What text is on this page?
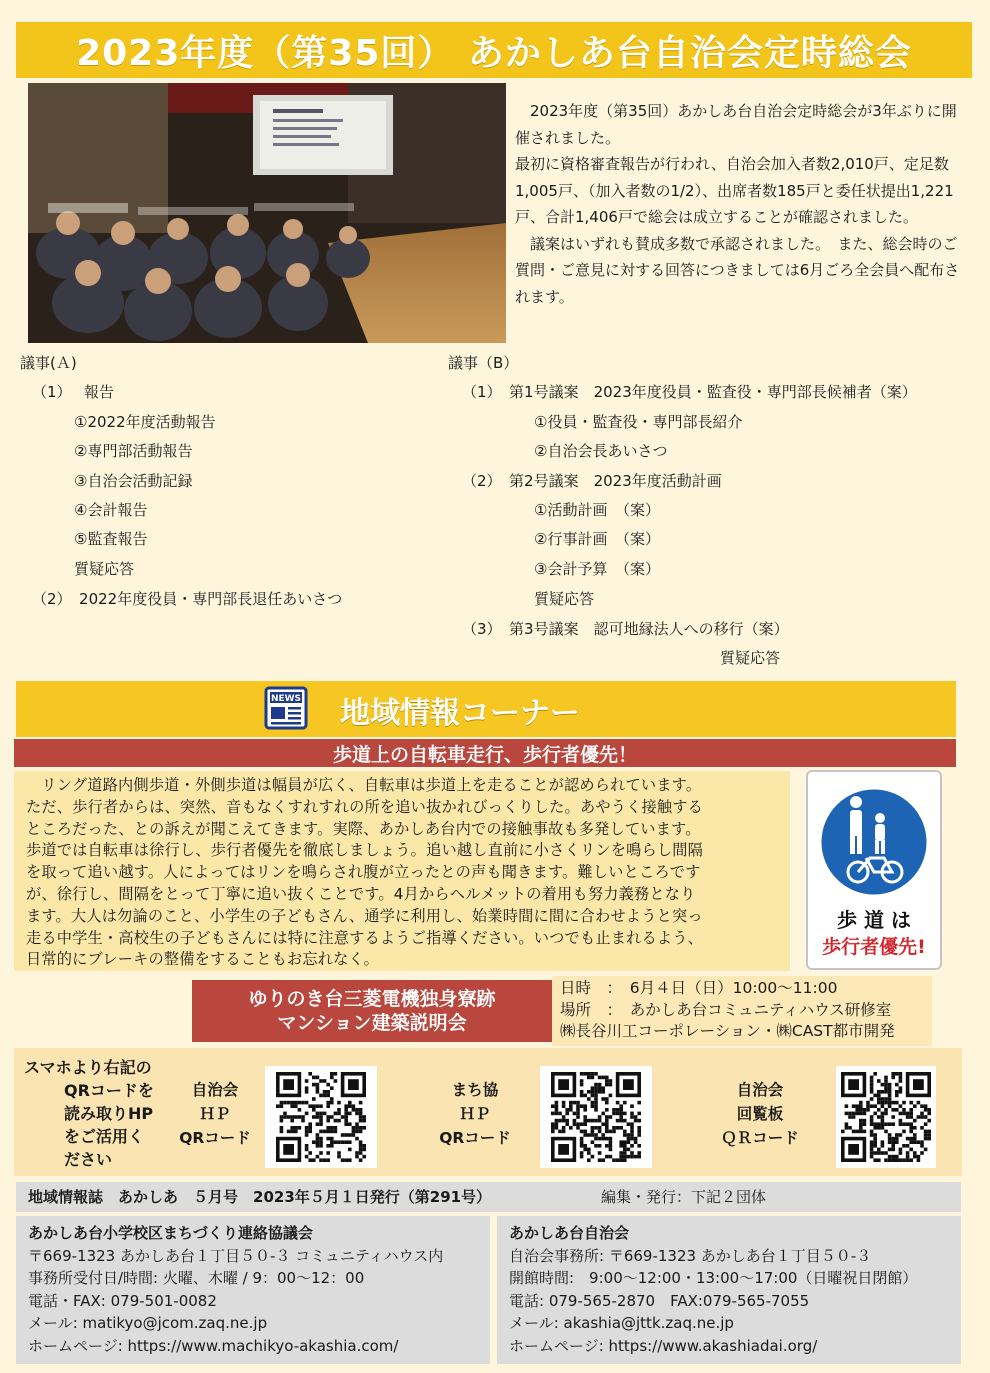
2023年度（第35回） あかしあ台自治会定時総会

2023年度（第35回）あかしあ台自治会定時総会が3年ぶりに開催されました。

最初に資格審査報告が行われ、自治会加入者数2,010戸、定足数1,005戸、（加入者数の1/2）、出席者数185戸と委任状提出1,221戸、合計1,406戸で総会は成立することが確認されました。

議案はいずれも賛成多数で承認されました。　また、総会時のご質問・ご意見に対する回答につきましては6月ごろ全会員へ配布されます。

議事(Ａ)
（1） 報告
①2022年度活動報告
②専門部活動報告
③自治会活動記録
④会計報告
⑤監査報告
質疑応答
（2）　2022年度役員・専門部長退任あいさつ
議事（B）
（1）　第1号議案　2023年度役員・監査役・専門部長候補者（案）
①役員・監査役・専門部長紹介
②自治会長あいさつ
（2）　第2号議案　2023年度活動計画
①活動計画　（案）
②行事計画　（案）
③会計予算　（案）
質疑応答
（3）　第3号議案　認可地縁法人への移行（案）
質疑応答
NEWS 地域情報コーナー
歩道上の自転車走行、歩行者優先！

　リング道路内側歩道・外側歩道は幅員が広く、自転車は歩道上を走ることが認められています。

ただ、歩行者からは、突然、音もなくすれすれの所を追い抜かれびっくりした。あやうく接触する

ところだった、との訴えが聞こえてきます。実際、あかしあ台内での接触事故も多発しています。

歩道では自転車は徐行し、歩行者優先を徹底しましょう。追い越し直前に小さくリンを鳴らし間隔

を取って追い越す。人によってはリンを鳴らされ腹が立ったとの声も聞きます。難しいところです

が、徐行し、間隔をとって丁寧に追い抜くことです。4月からヘルメットの着用も努力義務となり

ます。大人は勿論のこと、小学生の子どもさん、通学に利用し、始業時間に間に合わせようと突っ

走る中学生・高校生の子どもさんには特に注意するようご指導ください。いつでも止まれるよう、

日常的にブレーキの整備をすることもお忘れなく。

歩 道 は
歩行者優先!
ゆりのき台三菱電機独身寮跡
マンション建築説明会
日時　：　6月４日（日）10:00～11:00
場所　：　あかしあ台コミュニティハウス研修室
㈱長谷川工コーポレーション・㈱CAST都市開発
スマホより右記の
QRコードを
読み取りHP
をご活用く
ださい
自治会
ＨＰ
QRコード
まち協
ＨＰ
QRコード
自治会
回覧板
ＱＲコード
地域情報誌　あかしあ　５月号　2023年５月１日発行（第291号）	編集・発行：下記２団体
あかしあ台小学校区まちづくり連絡協議会
〒669-1323 あかしあ台１丁目５０-３ コミュニティハウス内
事務所受付日/時間: 火曜、木曜 / 9：00～12：00
電話・FAX: 079-501-0082
メール: matikyo@jcom.zaq.ne.jp
ホームページ: https://www.machikyo-akashia.com/
あかしあ台自治会
自治会事務所: 〒669-1323 あかしあ台１丁目５０-３
開館時間:　9:00～12:00・13:00～17:00（日曜祝日閉館）
電話: 079-565-2870　FAX:079-565-7055
メール: akashia@jttk.zaq.ne.jp
ホームページ: https://www.akashiadai.org/
